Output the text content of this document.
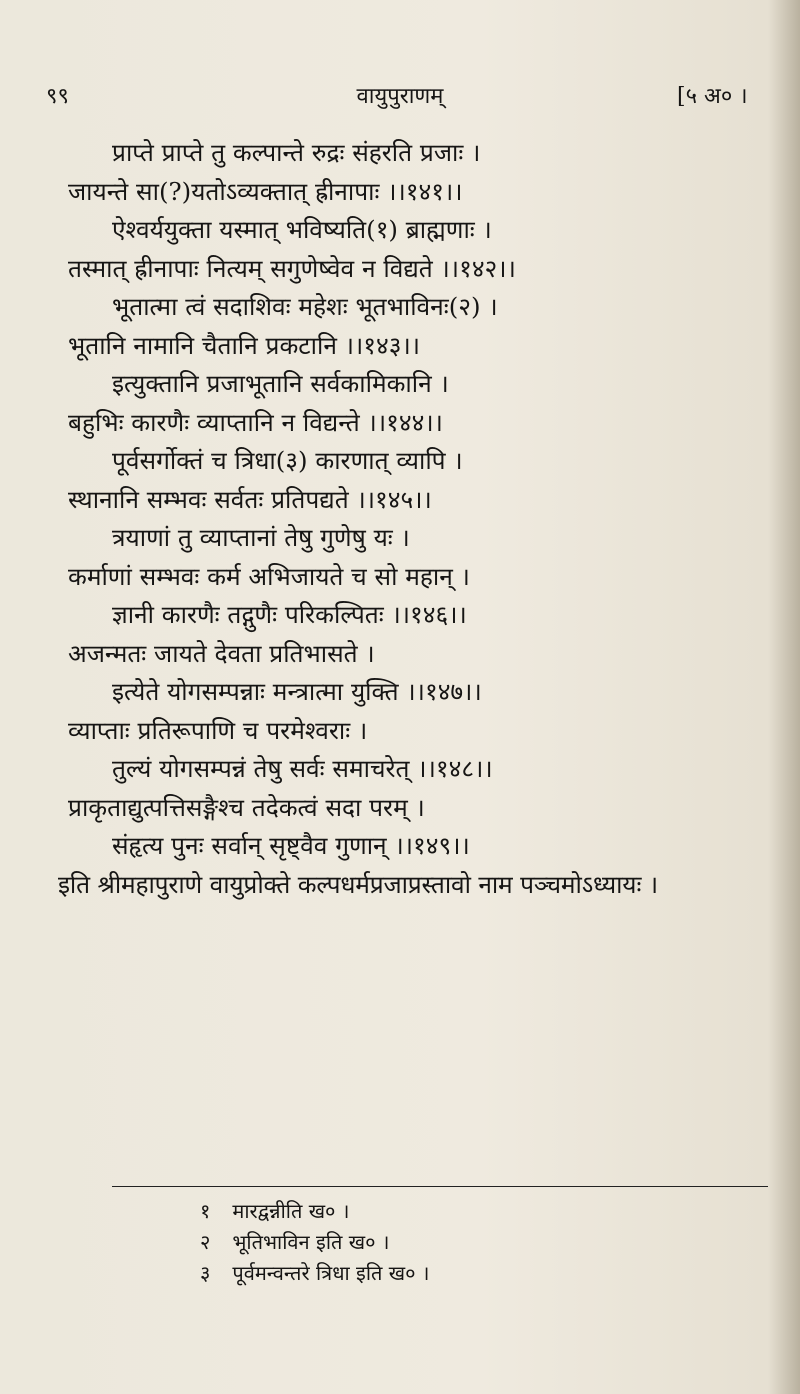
९९	वायुपुराणम्	[५ अ० ।
प्राप्ते प्राप्ते तु कल्पान्ते रुद्रः संहरति प्रजाः ।
जायन्ते सा(?)यतोऽव्यक्तात् ह्रीनापाः ।।१४१।।
ऐश्वर्ययुक्ता यस्मात् भविष्यति(१) ब्राह्मणाः ।
तस्मात् ह्रीनापाः नित्यम् सगुणेष्वेव न विद्यते ।।१४२।।
भूतात्मा त्वं सदाशिवः महेशः भूतभाविनः(२) ।
भूतानि नामानि चैतानि प्रकटानि ।।१४३।।
इत्युक्तानि प्रजाभूतानि सर्वकामिकानि ।
बहुभिः कारणैः व्याप्तानि न विद्यन्ते ।।१४४।।
पूर्वसर्गोक्तं च त्रिधा(३) कारणात् व्यापि ।
स्थानानि सम्भवः सर्वतः प्रतिपद्यते ।।१४५।।
त्रयाणां तु व्याप्तानां तेषु गुणेषु यः ।
कर्माणां सम्भवः कर्म अभिजायते च सो महान् ।
ज्ञानी कारणैः तद्गुणैः परिकल्पितः ।।१४६।।
अजन्मतः जायते देवता प्रतिभासते ।
इत्येते योगसम्पन्नाः मन्त्रात्मा युक्ति ।।१४७।।
व्याप्ताः प्रतिरूपाणि च परमेश्वराः ।
तुल्यं योगसम्पन्नं तेषु सर्वः समाचरेत् ।।१४८।।
प्राकृताद्युत्पत्तिसङ्गैश्च तदेकत्वं सदा परम् ।
संहृत्य पुनः सर्वान् सृष्ट्वैव गुणान् ।।१४९।।
इति श्रीमहापुराणे वायुप्रोक्ते कल्पधर्मप्रजाप्रस्तावो नाम पञ्चमोऽध्यायः ।
१ मारद्वन्नीति ख० ।
२ भूतिभाविन इति ख० ।
३ पूर्वमन्वन्तरे त्रिधा इति ख० ।
